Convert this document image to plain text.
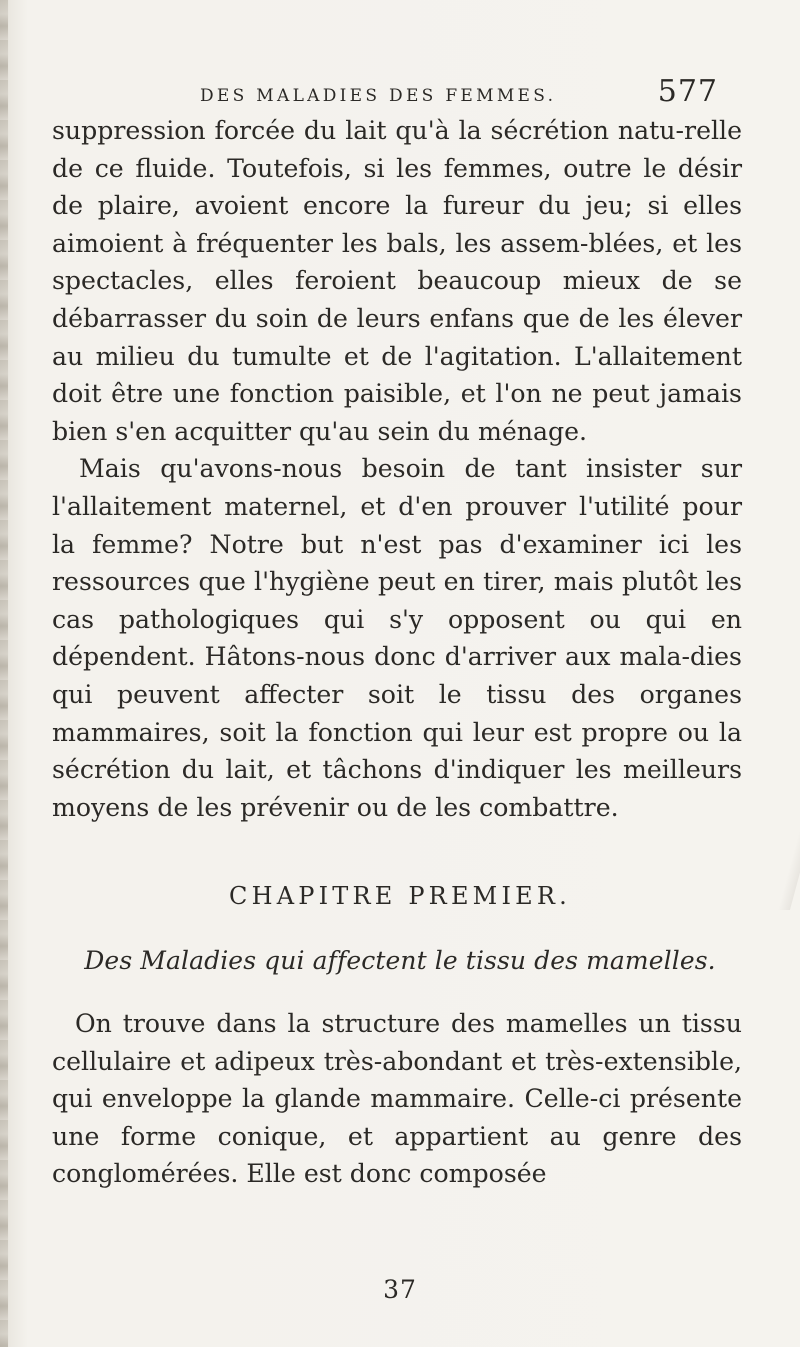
DES MALADIES DES FEMMES.	577

suppression forcée du lait qu'à la sécrétion natu-relle de ce fluide. Toutefois, si les femmes, outre le désir de plaire, avoient encore la fureur du jeu; si elles aimoient à fréquenter les bals, les assem-blées, et les spectacles, elles feroient beaucoup mieux de se débarrasser du soin de leurs enfans que de les élever au milieu du tumulte et de l'agitation. L'allaitement doit être une fonction paisible, et l'on ne peut jamais bien s'en acquitter qu'au sein du ménage.

Mais qu'avons-nous besoin de tant insister sur l'allaitement maternel, et d'en prouver l'utilité pour la femme? Notre but n'est pas d'examiner ici les ressources que l'hygiène peut en tirer, mais plutôt les cas pathologiques qui s'y opposent ou qui en dépendent. Hâtons-nous donc d'arriver aux mala-dies qui peuvent affecter soit le tissu des organes mammaires, soit la fonction qui leur est propre ou la sécrétion du lait, et tâchons d'indiquer les meilleurs moyens de les prévenir ou de les combattre.

CHAPITRE PREMIER.
Des Maladies qui affectent le tissu des mamelles.
On trouve dans la structure des mamelles un tissu cellulaire et adipeux très-abondant et très-extensible, qui enveloppe la glande mammaire. Celle-ci présente une forme conique, et appartient au genre des conglomérées. Elle est donc composée
37
